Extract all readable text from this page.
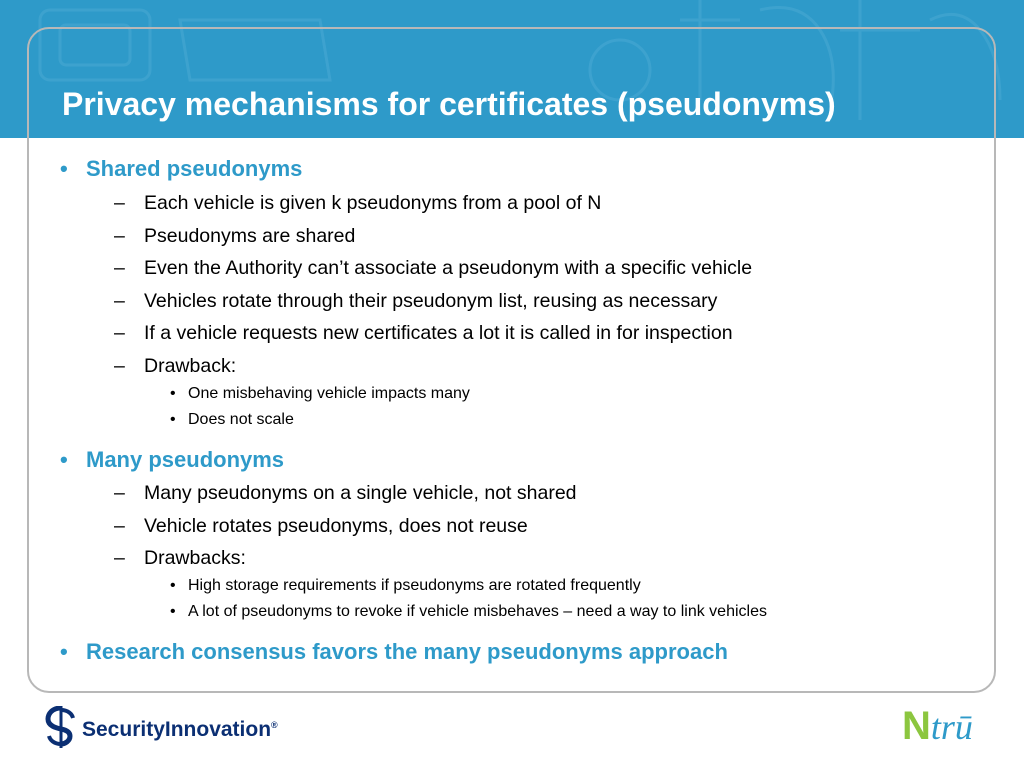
Privacy mechanisms for certificates (pseudonyms)
• Shared pseudonyms
– Each vehicle is given k pseudonyms from a pool of N
– Pseudonyms are shared
– Even the Authority can’t associate a pseudonym with a specific vehicle
– Vehicles rotate through their pseudonym list, reusing as necessary
– If a vehicle requests new certificates a lot it is called in for inspection
– Drawback:
• One misbehaving vehicle impacts many
• Does not scale
• Many pseudonyms
– Many pseudonyms on a single vehicle, not shared
– Vehicle rotates pseudonyms, does not reuse
– Drawbacks:
• High storage requirements if pseudonyms are rotated frequently
• A lot of pseudonyms to revoke if vehicle misbehaves – need a way to link vehicles
• Research consensus favors the many pseudonyms approach
SecurityInnovation®	Ntrū
